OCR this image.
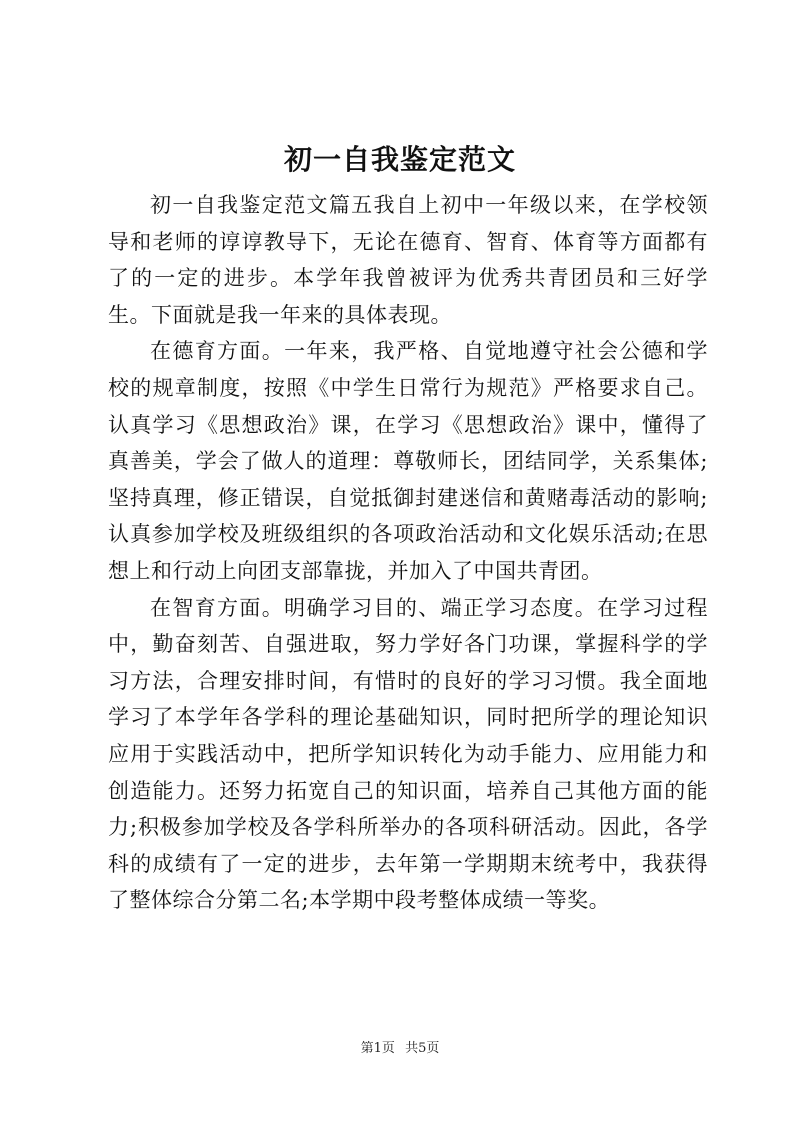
初一自我鉴定范文

初一自我鉴定范文篇五我自上初中一年级以来，在学校领导和老师的谆谆教导下，无论在德育、智育、体育等方面都有了的一定的进步。本学年我曾被评为优秀共青团员和三好学生。下面就是我一年来的具体表现。

在德育方面。一年来，我严格、自觉地遵守社会公德和学校的规章制度，按照《中学生日常行为规范》严格要求自己。认真学习《思想政治》课，在学习《思想政治》课中，懂得了真善美，学会了做人的道理：尊敬师长，团结同学，关系集体;坚持真理，修正错误，自觉抵御封建迷信和黄赌毒活动的影响;认真参加学校及班级组织的各项政治活动和文化娱乐活动;在思想上和行动上向团支部靠拢，并加入了中国共青团。

在智育方面。明确学习目的、端正学习态度。在学习过程中，勤奋刻苦、自强进取，努力学好各门功课，掌握科学的学习方法，合理安排时间，有惜时的良好的学习习惯。我全面地学习了本学年各学科的理论基础知识，同时把所学的理论知识应用于实践活动中，把所学知识转化为动手能力、应用能力和创造能力。还努力拓宽自己的知识面，培养自己其他方面的能力;积极参加学校及各学科所举办的各项科研活动。因此，各学科的成绩有了一定的进步，去年第一学期期末统考中，我获得了整体综合分第二名;本学期中段考整体成绩一等奖。

第1页 共5页
